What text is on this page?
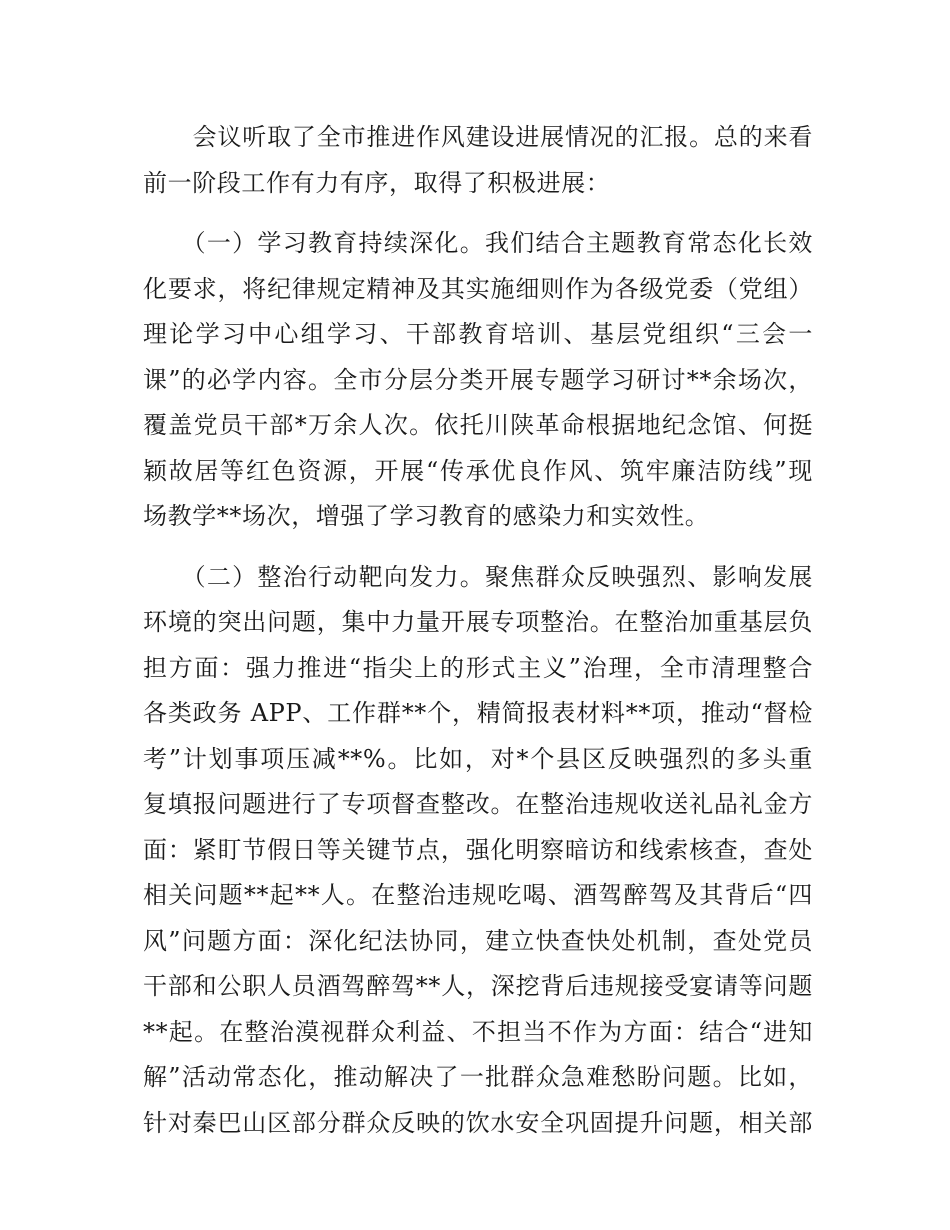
　　会议听取了全市推进作风建设进展情况的汇报。总的来看
前一阶段工作有力有序，取得了积极进展：
　　（一）学习教育持续深化。我们结合主题教育常态化长效
化要求，将纪律规定精神及其实施细则作为各级党委（党组）
理论学习中心组学习、干部教育培训、基层党组织“三会一
课”的必学内容。全市分层分类开展专题学习研讨**余场次，
覆盖党员干部*万余人次。依托川陕革命根据地纪念馆、何挺
颖故居等红色资源，开展“传承优良作风、筑牢廉洁防线”现
场教学**场次，增强了学习教育的感染力和实效性。
　　（二）整治行动靶向发力。聚焦群众反映强烈、影响发展
环境的突出问题，集中力量开展专项整治。在整治加重基层负
担方面：强力推进“指尖上的形式主义”治理，全市清理整合
各类政务 APP、工作群**个，精简报表材料**项，推动“督检
考”计划事项压减**%。比如，对*个县区反映强烈的多头重
复填报问题进行了专项督查整改。在整治违规收送礼品礼金方
面：紧盯节假日等关键节点，强化明察暗访和线索核查，查处
相关问题**起**人。在整治违规吃喝、酒驾醉驾及其背后“四
风”问题方面：深化纪法协同，建立快查快处机制，查处党员
干部和公职人员酒驾醉驾**人，深挖背后违规接受宴请等问题
**起。在整治漠视群众利益、不担当不作为方面：结合“进知
解”活动常态化，推动解决了一批群众急难愁盼问题。比如，
针对秦巴山区部分群众反映的饮水安全巩固提升问题，相关部
